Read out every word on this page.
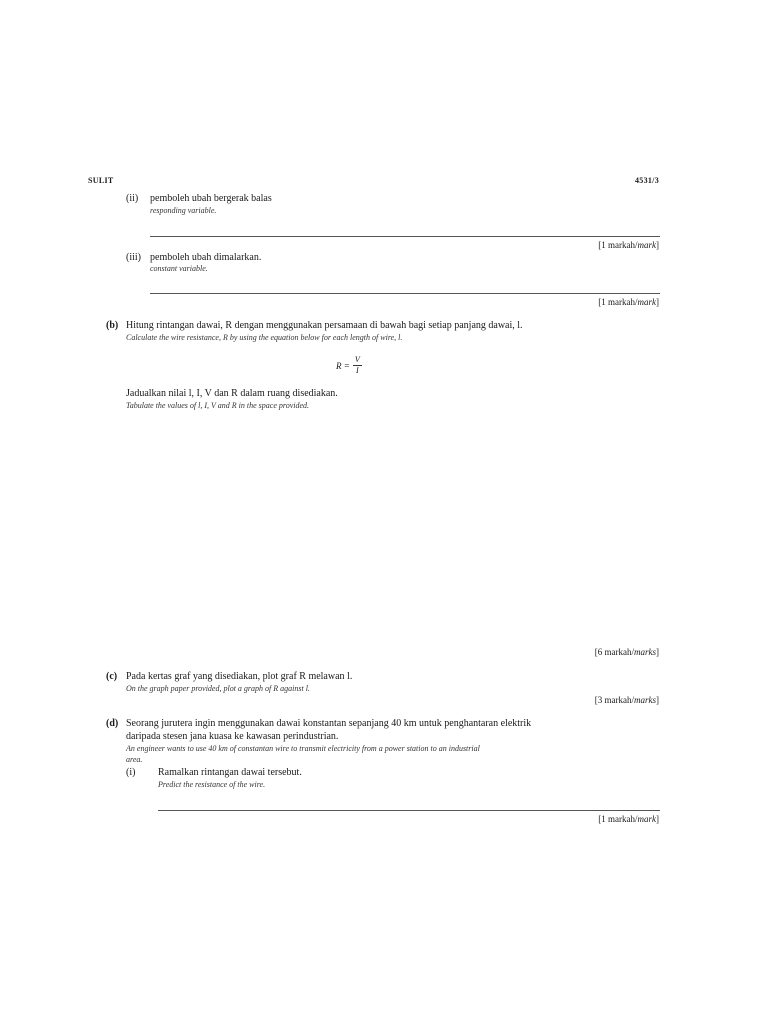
SULIT	4531/3
(ii) pemboleh ubah bergerak balas
responding variable.
[1 markah/mark]
(iii) pemboleh ubah dimalarkan.
constant variable.
[1 markah/mark]
(b) Hitung rintangan dawai, R dengan menggunakan persamaan di bawah bagi setiap panjang dawai, l.
Calculate the wire resistance, R by using the equation below for each length of wire, l.
$R = \frac{V}{I}$
Jadualkan nilai l, I, V dan R dalam ruang disediakan.
Tabulate the values of l, I, V and R in the space provided.
[6 markah/marks]
(c) Pada kertas graf yang disediakan, plot graf R melawan l.
On the graph paper provided, plot a graph of R against l.
[3 markah/marks]
(d) Seorang jurutera ingin menggunakan dawai konstantan sepanjang 40 km untuk penghantaran elektrik
daripada stesen jana kuasa ke kawasan perindustrian.
An engineer wants to use 40 km of constantan wire to transmit electricity from a power station to an industrial
area.
(i) Ramalkan rintangan dawai tersebut.
Predict the resistance of the wire.
[1 markah/mark]
